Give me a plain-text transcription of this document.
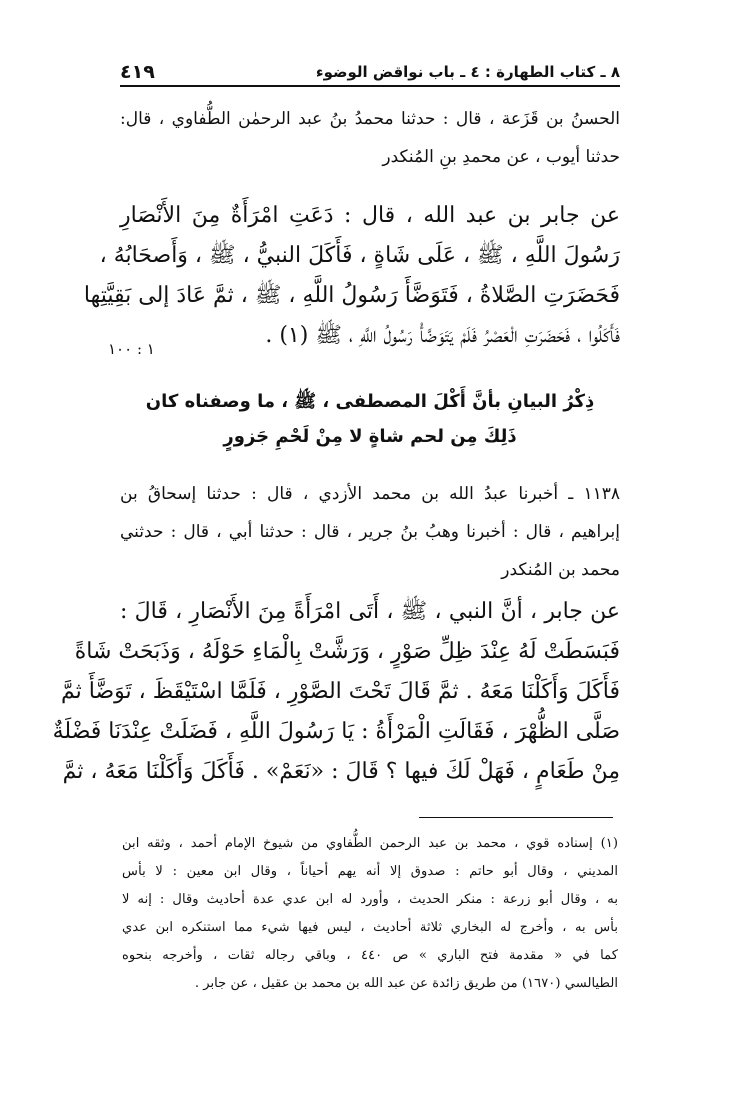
٨ ـ كتاب الطهارة : ٤ ـ باب نواقض الوضوء
٤١٩
الحسنُ بن قَزَعة ، قال : حدثنا محمدُ بنُ عبد الرحمٰن الطُّفاوي ، قال:
حدثنا أيوب ، عن محمدِ بنِ المُنكدر
عن جابر بن عبد الله ، قال : دَعَتِ امْرَأَةٌ مِنَ الأَنْصَارِ
رَسُولَ اللَّهِ ، ﷺ ، عَلَى شَاةٍ ، فَأَكَلَ النبيُّ ، ﷺ ، وَأَصحَابُهُ ،
فَحَضَرَتِ الصَّلاةُ ، فَتَوَضَّأَ رَسُولُ اللَّهِ ، ﷺ ، ثمَّ عَادَ إلى بَقِيَّتِها
فَأَكَلُوا ، فَحَضَرَتِ الْعَصْرُ فَلَمْ يَتَوَضَّأْ رَسُولُ اللَّهِ ، ﷺ (١) .
١ : ١٠٠
ذِكْرُ البيانِ بأنَّ أَكْلَ المصطفى ، ﷺ ، ما وصفناه كان
ذَلِكَ مِن لحم شاةٍ لا مِنْ لَحْمِ جَزورٍ
١١٣٨ ـ أخبرنا عبدُ الله بن محمد الأزدي ، قال : حدثنا إسحاقُ بن
إبراهيم ، قال : أخبرنا وهبُ بنُ جرير ، قال : حدثنا أبي ، قال : حدثني
محمد بن المُنكدر
عن جابر ، أنَّ النبي ، ﷺ ، أَتَى امْرَأَةً مِنَ الأَنْصَارِ ، قَالَ :
فَبَسَطَتْ لَهُ عِنْدَ ظِلِّ صَوْرٍ ، وَرَشَّتْ بِالْمَاءِ حَوْلَهُ ، وَذَبَحَتْ شَاةً
فَأَكَلَ وَأَكَلْنَا مَعَهُ . ثمَّ قَالَ تَحْتَ الصَّوْرِ ، فَلَمَّا اسْتَيْقَظَ ، تَوَضَّأَ ثمَّ
صَلَّى الظُّهْرَ ، فَقَالَتِ الْمَرْأَةُ : يَا رَسُولَ اللَّهِ ، فَضَلَتْ عِنْدَنَا فَضْلَةٌ
مِنْ طَعَامٍ ، فَهَلْ لَكَ فيها ؟ قَالَ : «نَعَمْ» . فَأَكَلَ وَأَكَلْنَا مَعَهُ ، ثمَّ
(١) إسناده قوي ، محمد بن عبد الرحمن الطُّفاوي من شيوخ الإمام أحمد ، وثقه ابن
المديني ، وقال أبو حاتم : صدوق إلا أنه يهم أحياناً ، وقال ابن معين : لا بأس
به ، وقال أبو زرعة : منكر الحديث ، وأورد له ابن عدي عدة أحاديث وقال : إنه لا
بأس به ، وأخرج له البخاري ثلاثة أحاديث ، ليس فيها شيء مما استنكره ابن عدي
كما في « مقدمة فتح الباري » ص ٤٤٠ ، وباقي رجاله ثقات ، وأخرجه بنحوه
الطيالسي (١٦٧٠) من طريق زائدة عن عبد الله بن محمد بن عقيل ، عن جابر .
